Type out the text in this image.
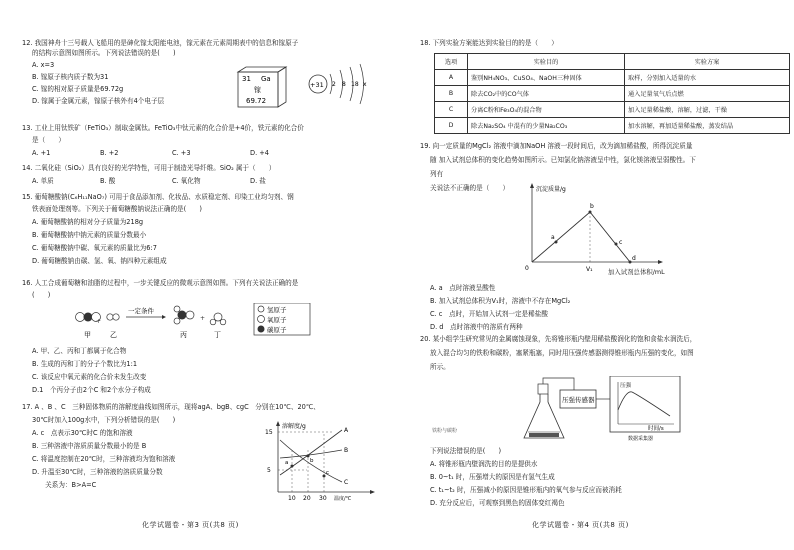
12. 我国神舟十三号载人飞船用的是砷化镓太阳能电池，镓元素在元素周期表中的信息和镓原子
的结构示意图如图所示。下列说法错误的是(　　)
A. x=3
B. 镓原子核内质子数为31
C. 镓的相对原子质量是69.72g
D. 镓属于金属元素，镓原子核外有4个电子层
31 Ga
镓
69.72
+31 2 8 18 x
13. 工业上用钛铁矿（FeTiO₃）制取金属钛。FeTiO₃中钛元素的化合价是+4价，铁元素的化合价
是（　　）
A. +1	B. +2	C. +3	D. +4
14. 二氧化硅（SiO₂）具有良好的光学特性，可用于制造光导纤维。SiO₂ 属于（　　）
A. 单质	B. 酸	C. 氧化物	D. 盐
15. 葡萄糖酸钠(C₆H₁₁NaO₇) 可用于食品添加剂、化妆品、水质稳定剂、印染工业均匀剂、钢
铁表面处理剂等。下列关于葡萄糖酸钠说法正确的是(　　)
A. 葡萄糖酸钠的相对分子质量为218g
B. 葡萄糖酸钠中钠元素的质量分数最小
C. 葡萄糖酸钠中碳、氧元素的质量比为6:7
D. 葡萄糖酸钠由碳、氢、氧、钠四种元素组成
16. 人工合成葡萄糖和油脂的过程中，一步关键反应的微观示意图如图。下列有关说法正确的是
(　　)
+
甲	乙
一定条件
+
丙	丁
氢原子
氧原子
碳原子
A. 甲、乙、丙和丁都属于化合物
B. 生成的丙和丁的分子个数比为1:1
C. 该反应中氧元素的化合价未发生改变
D.1　个丙分子由2个C 和2个水分子构成
17. A 、B 、C　三种固体物质的溶解度曲线如图所示，现将agA、bgB、cgC　分别在10℃、20℃、
30℃时加入100g水中，下列分析错误的是(　　)
A. c　点表示30℃时C 的饱和溶液
B. 三种溶液中溶质质量分数最小的是 B
C. 将温度控制在20℃时，三种溶液均为饱和溶液
D. 升温至30℃时，三种溶液的溶质质量分数
　　关系为：B>A=C
溶解度/g
15
5
A
B
C
a	b
c
10 20 30 温度/℃
化学试题卷・第3 页(共8 页)
18. 下列实验方案能达到实验目的的是（　　）
选项	实验目的	实验方案
A	鉴别NH₄NO₃、CuSO₄、NaOH三种固体	取样，分别加入适量的水
B	除去CO₂中的CO气体	通入足量氧气后点燃
C	分离C粉和Fe₃O₄的混合物	加入足量稀盐酸，溶解，过滤，干燥
D	除去Na₂SO₄ 中混有的少量Na₂CO₃	加水溶解，再加适量稀盐酸，蒸发结晶
19. 向一定质量的MgCl₂ 溶液中滴加NaOH 溶液一段时间后，改为滴加稀盐酸，所得沉淀质量
随 加入试剂总体积的变化趋势如图所示。已知氯化钠溶液呈中性，氯化镁溶液呈弱酸性。下
列有
关说法不正确的是（　　）	沉淀质量/g
0
a
b
c
d
V₁ 加入试剂总体积/mL
A. a　点时溶液呈酸性
B. 加入试剂总体积为V₁时，溶液中不存在MgCl₂
C. c　点时，开始加入试剂一定是稀盐酸
D. d　点时溶液中的溶质有两种
20. 某小组学生研究常见的金属腐蚀现象，先将锥形瓶内壁用稀盐酸润化的饱和食盐水润洗后，
放入混合均匀的铁粉和碳粉，塞紧瓶塞，同时用压强传感器测得锥形瓶内压强的变化，如图
所示。
压强传感器
压强
时间/s
数据采集器
铁粉与碳粉
下列说法错误的是(　　)
A. 将锥形瓶内壁润洗的目的是提供水
B. 0~t₁ 时，压强增大的原因是有氢气生成
C. t₁~t₂ 时，压强减小的原因是锥形瓶内的氧气参与反应而被消耗
D. 充分反应后，可观察到黑色的固体变红褐色
化学试题卷・第4 页(共8 页)
